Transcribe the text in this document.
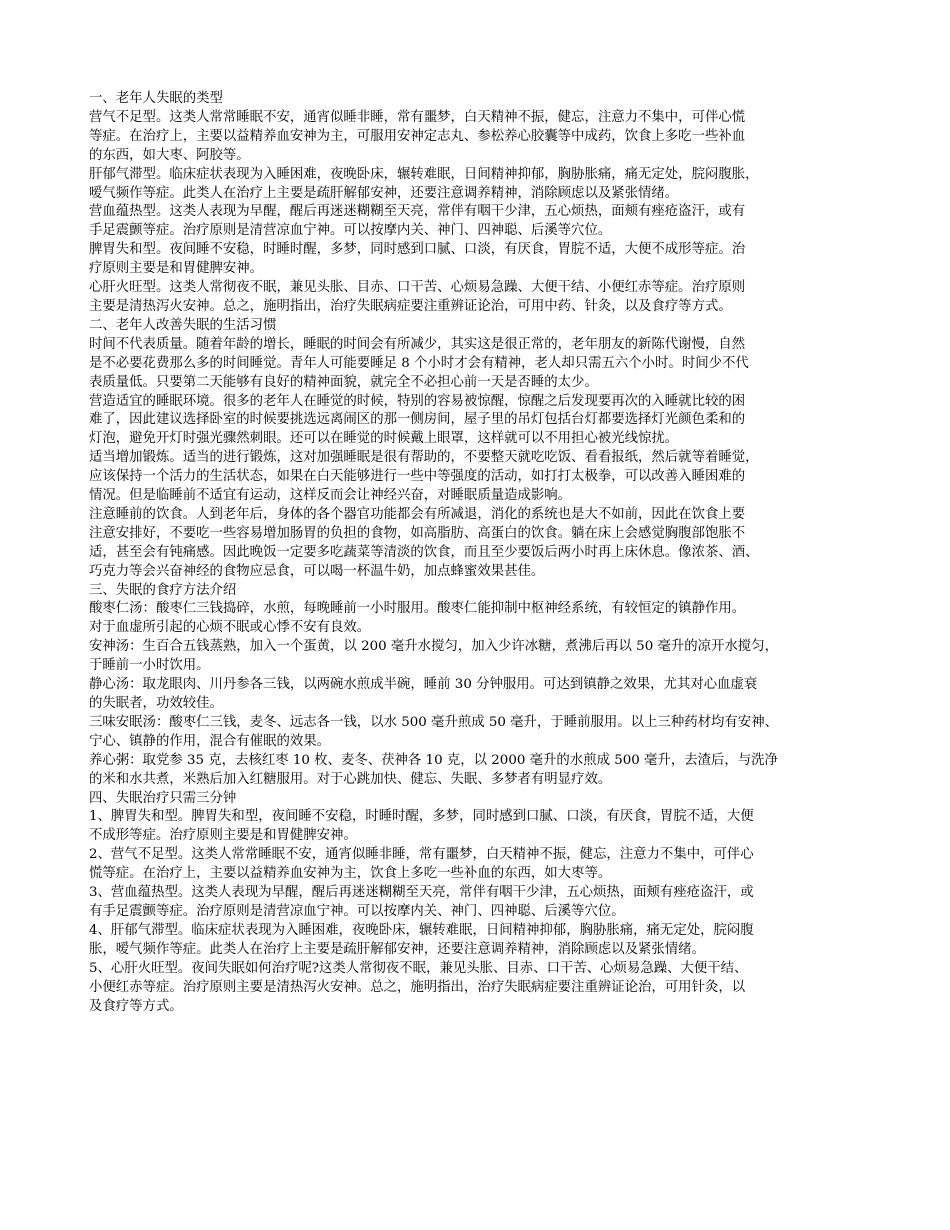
一、老年人失眠的类型
营气不足型。这类人常常睡眠不安，通宵似睡非睡，常有噩梦，白天精神不振，健忘，注意力不集中，可伴心慌
等症。在治疗上，主要以益精养血安神为主，可服用安神定志丸、参松养心胶囊等中成药，饮食上多吃一些补血
的东西，如大枣、阿胶等。
肝郁气滞型。临床症状表现为入睡困难，夜晚卧床，辗转难眠，日间精神抑郁，胸胁胀痛，痛无定处，脘闷腹胀，
嗳气频作等症。此类人在治疗上主要是疏肝解郁安神，还要注意调养精神，消除顾虑以及紧张情绪。
营血蕴热型。这类人表现为早醒，醒后再迷迷糊糊至天亮，常伴有咽干少津，五心烦热，面颊有痤疮盗汗，或有
手足震颤等症。治疗原则是清营凉血宁神。可以按摩内关、神门、四神聪、后溪等穴位。
脾胃失和型。夜间睡不安稳，时睡时醒，多梦，同时感到口腻、口淡，有厌食，胃脘不适，大便不成形等症。治
疗原则主要是和胃健脾安神。
心肝火旺型。这类人常彻夜不眠，兼见头胀、目赤、口干苦、心烦易急躁、大便干结、小便红赤等症。治疗原则
主要是清热泻火安神。总之，施明指出，治疗失眠病症要注重辨证论治，可用中药、针灸，以及食疗等方式。
二、老年人改善失眠的生活习惯
时间不代表质量。随着年龄的增长，睡眠的时间会有所减少，其实这是很正常的，老年朋友的新陈代谢慢，自然
是不必要花费那么多的时间睡觉。青年人可能要睡足 8 个小时才会有精神，老人却只需五六个小时。时间少不代
表质量低。只要第二天能够有良好的精神面貌，就完全不必担心前一天是否睡的太少。
营造适宜的睡眠环境。很多的老年人在睡觉的时候，特别的容易被惊醒，惊醒之后发现要再次的入睡就比较的困
难了，因此建议选择卧室的时候要挑选远离闹区的那一侧房间，屋子里的吊灯包括台灯都要选择灯光颜色柔和的
灯泡，避免开灯时强光骤然刺眼。还可以在睡觉的时候戴上眼罩，这样就可以不用担心被光线惊扰。
适当增加锻炼。适当的进行锻炼，这对加强睡眠是很有帮助的，不要整天就吃吃饭、看看报纸，然后就等着睡觉，
应该保持一个活力的生活状态，如果在白天能够进行一些中等强度的活动，如打打太极拳，可以改善入睡困难的
情况。但是临睡前不适宜有运动，这样反而会让神经兴奋，对睡眠质量造成影响。
注意睡前的饮食。人到老年后，身体的各个器官功能都会有所减退，消化的系统也是大不如前，因此在饮食上要
注意安排好，不要吃一些容易增加肠胃的负担的食物，如高脂肪、高蛋白的饮食。躺在床上会感觉胸腹部饱胀不
适，甚至会有钝痛感。因此晚饭一定要多吃蔬菜等清淡的饮食，而且至少要饭后两小时再上床休息。像浓茶、酒、
巧克力等会兴奋神经的食物应忌食，可以喝一杯温牛奶，加点蜂蜜效果甚佳。
三、失眠的食疗方法介绍
酸枣仁汤：酸枣仁三钱捣碎，水煎，每晚睡前一小时服用。酸枣仁能抑制中枢神经系统，有较恒定的镇静作用。
对于血虚所引起的心烦不眠或心悸不安有良效。
安神汤：生百合五钱蒸熟，加入一个蛋黄，以 200 毫升水搅匀，加入少许冰糖，煮沸后再以 50 毫升的凉开水搅匀，
于睡前一小时饮用。
静心汤：取龙眼肉、川丹参各三钱，以两碗水煎成半碗，睡前 30 分钟服用。可达到镇静之效果，尤其对心血虚衰
的失眠者，功效较佳。
三味安眠汤：酸枣仁三钱，麦冬、远志各一钱，以水 500 毫升煎成 50 毫升，于睡前服用。以上三种药材均有安神、
宁心、镇静的作用，混合有催眠的效果。
养心粥：取党参 35 克，去核红枣 10 枚、麦冬、茯神各 10 克，以 2000 毫升的水煎成 500 毫升，去渣后，与洗净
的米和水共煮，米熟后加入红糖服用。对于心跳加快、健忘、失眠、多梦者有明显疗效。
四、失眠治疗只需三分钟
1、脾胃失和型。脾胃失和型，夜间睡不安稳，时睡时醒，多梦，同时感到口腻、口淡，有厌食，胃脘不适，大便
不成形等症。治疗原则主要是和胃健脾安神。
2、营气不足型。这类人常常睡眠不安，通宵似睡非睡，常有噩梦，白天精神不振，健忘，注意力不集中，可伴心
慌等症。在治疗上，主要以益精养血安神为主，饮食上多吃一些补血的东西，如大枣等。
3、营血蕴热型。这类人表现为早醒，醒后再迷迷糊糊至天亮，常伴有咽干少津，五心烦热，面颊有痤疮盗汗，或
有手足震颤等症。治疗原则是清营凉血宁神。可以按摩内关、神门、四神聪、后溪等穴位。
4、肝郁气滞型。临床症状表现为入睡困难，夜晚卧床，辗转难眠，日间精神抑郁，胸胁胀痛，痛无定处，脘闷腹
胀，嗳气频作等症。此类人在治疗上主要是疏肝解郁安神，还要注意调养精神，消除顾虑以及紧张情绪。
5、心肝火旺型。夜间失眠如何治疗呢?这类人常彻夜不眠，兼见头胀、目赤、口干苦、心烦易急躁、大便干结、
小便红赤等症。治疗原则主要是清热泻火安神。总之，施明指出，治疗失眠病症要注重辨证论治，可用针灸，以
及食疗等方式。
